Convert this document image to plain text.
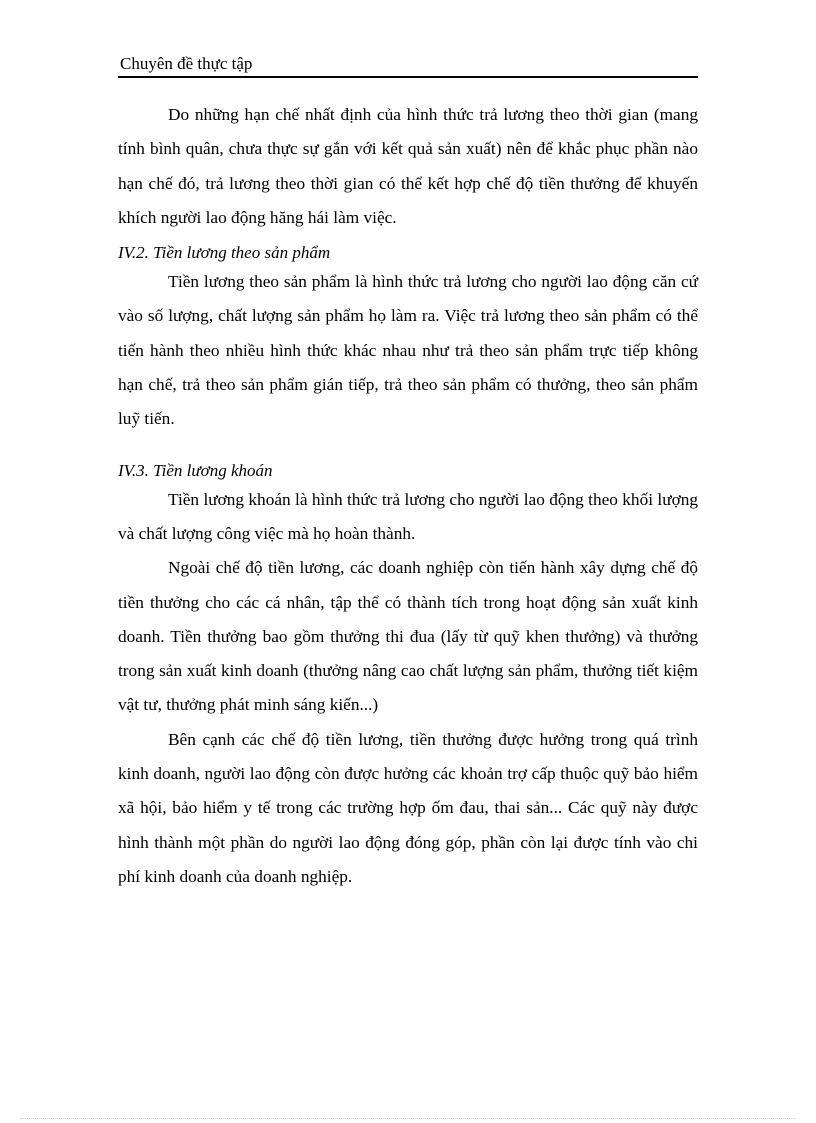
Chuyên đề thực tập

Do những hạn chế nhất định của hình thức trả lương theo thời gian (mang tính bình quân, chưa thực sự gắn với kết quả sản xuất) nên để khắc phục phần nào hạn chế đó, trả lương theo thời gian có thể kết hợp chế độ tiền thưởng để khuyến khích người lao động hăng hái làm việc.

IV.2. Tiền lương theo sản phẩm

Tiền lương theo sản phẩm là hình thức trả lương cho người lao động căn cứ vào số lượng, chất lượng sản phẩm họ làm ra. Việc trả lương theo sản phẩm có thể tiến hành theo nhiều hình thức khác nhau như trả theo sản phẩm trực tiếp không hạn chế, trả theo sản phẩm gián tiếp, trả theo sản phẩm có thưởng, theo sản phẩm luỹ tiến.

IV.3. Tiền lương khoán

Tiền lương khoán là hình thức trả lương cho người lao động theo khối lượng và chất lượng công việc mà họ hoàn thành.

Ngoài chế độ tiền lương, các doanh nghiệp còn tiến hành xây dựng chế độ tiền thưởng cho các cá nhân, tập thể có thành tích trong hoạt động sản xuất kinh doanh. Tiền thưởng bao gồm thưởng thi đua (lấy từ quỹ khen thưởng) và thưởng trong sản xuất kinh doanh (thưởng nâng cao chất lượng sản phẩm, thưởng tiết kiệm vật tư, thưởng phát minh sáng kiến...)

Bên cạnh các chế độ tiền lương, tiền thưởng được hưởng trong quá trình kinh doanh, người lao động còn được hưởng các khoản trợ cấp thuộc quỹ bảo hiểm xã hội, bảo hiểm y tế trong các trường hợp ốm đau, thai sản... Các quỹ này được hình thành một phần do người lao động đóng góp, phần còn lại được tính vào chi phí kinh doanh của doanh nghiệp.
